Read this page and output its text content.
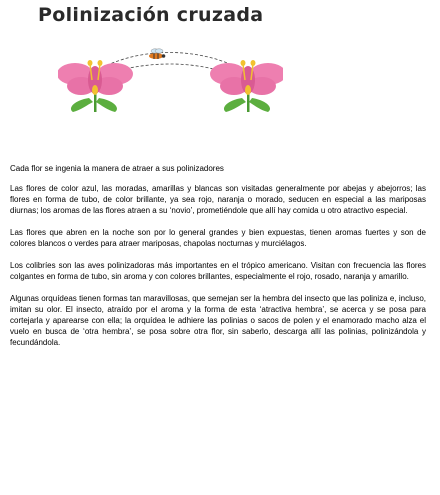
Polinización cruzada

Cada flor se ingenia la manera de atraer a sus polinizadores

Las flores de color azul, las moradas, amarillas y blancas son visitadas generalmente por abejas y abejorros; las flores en forma de tubo, de color brillante, ya sea rojo, naranja o morado, seducen en especial a las mariposas diurnas; los aromas de las flores atraen a su ‘novio’, prometiéndole que allí hay comida u otro atractivo especial.

Las flores que abren en la noche son por lo general grandes y bien expuestas, tienen aromas fuertes y son de colores blancos o verdes para atraer mariposas, chapolas nocturnas y murciélagos.

Los colibríes son las aves polinizadoras más importantes en el trópico americano. Visitan con frecuencia las flores colgantes en forma de tubo, sin aroma y con colores brillantes, especialmente el rojo, rosado, naranja y amarillo.

Algunas orquídeas tienen formas tan maravillosas, que semejan ser la hembra del insecto que las poliniza e, incluso, imitan su olor. El insecto, atraído por el aroma y la forma de esta ‘atractiva hembra’, se acerca y se posa para cortejarla y aparearse con ella; la orquídea le adhiere las polinias o sacos de polen y el enamorado macho alza el vuelo en busca de ‘otra hembra’, se posa sobre otra flor, sin saberlo, descarga allí las polinias, polinizándola y fecundándola.
